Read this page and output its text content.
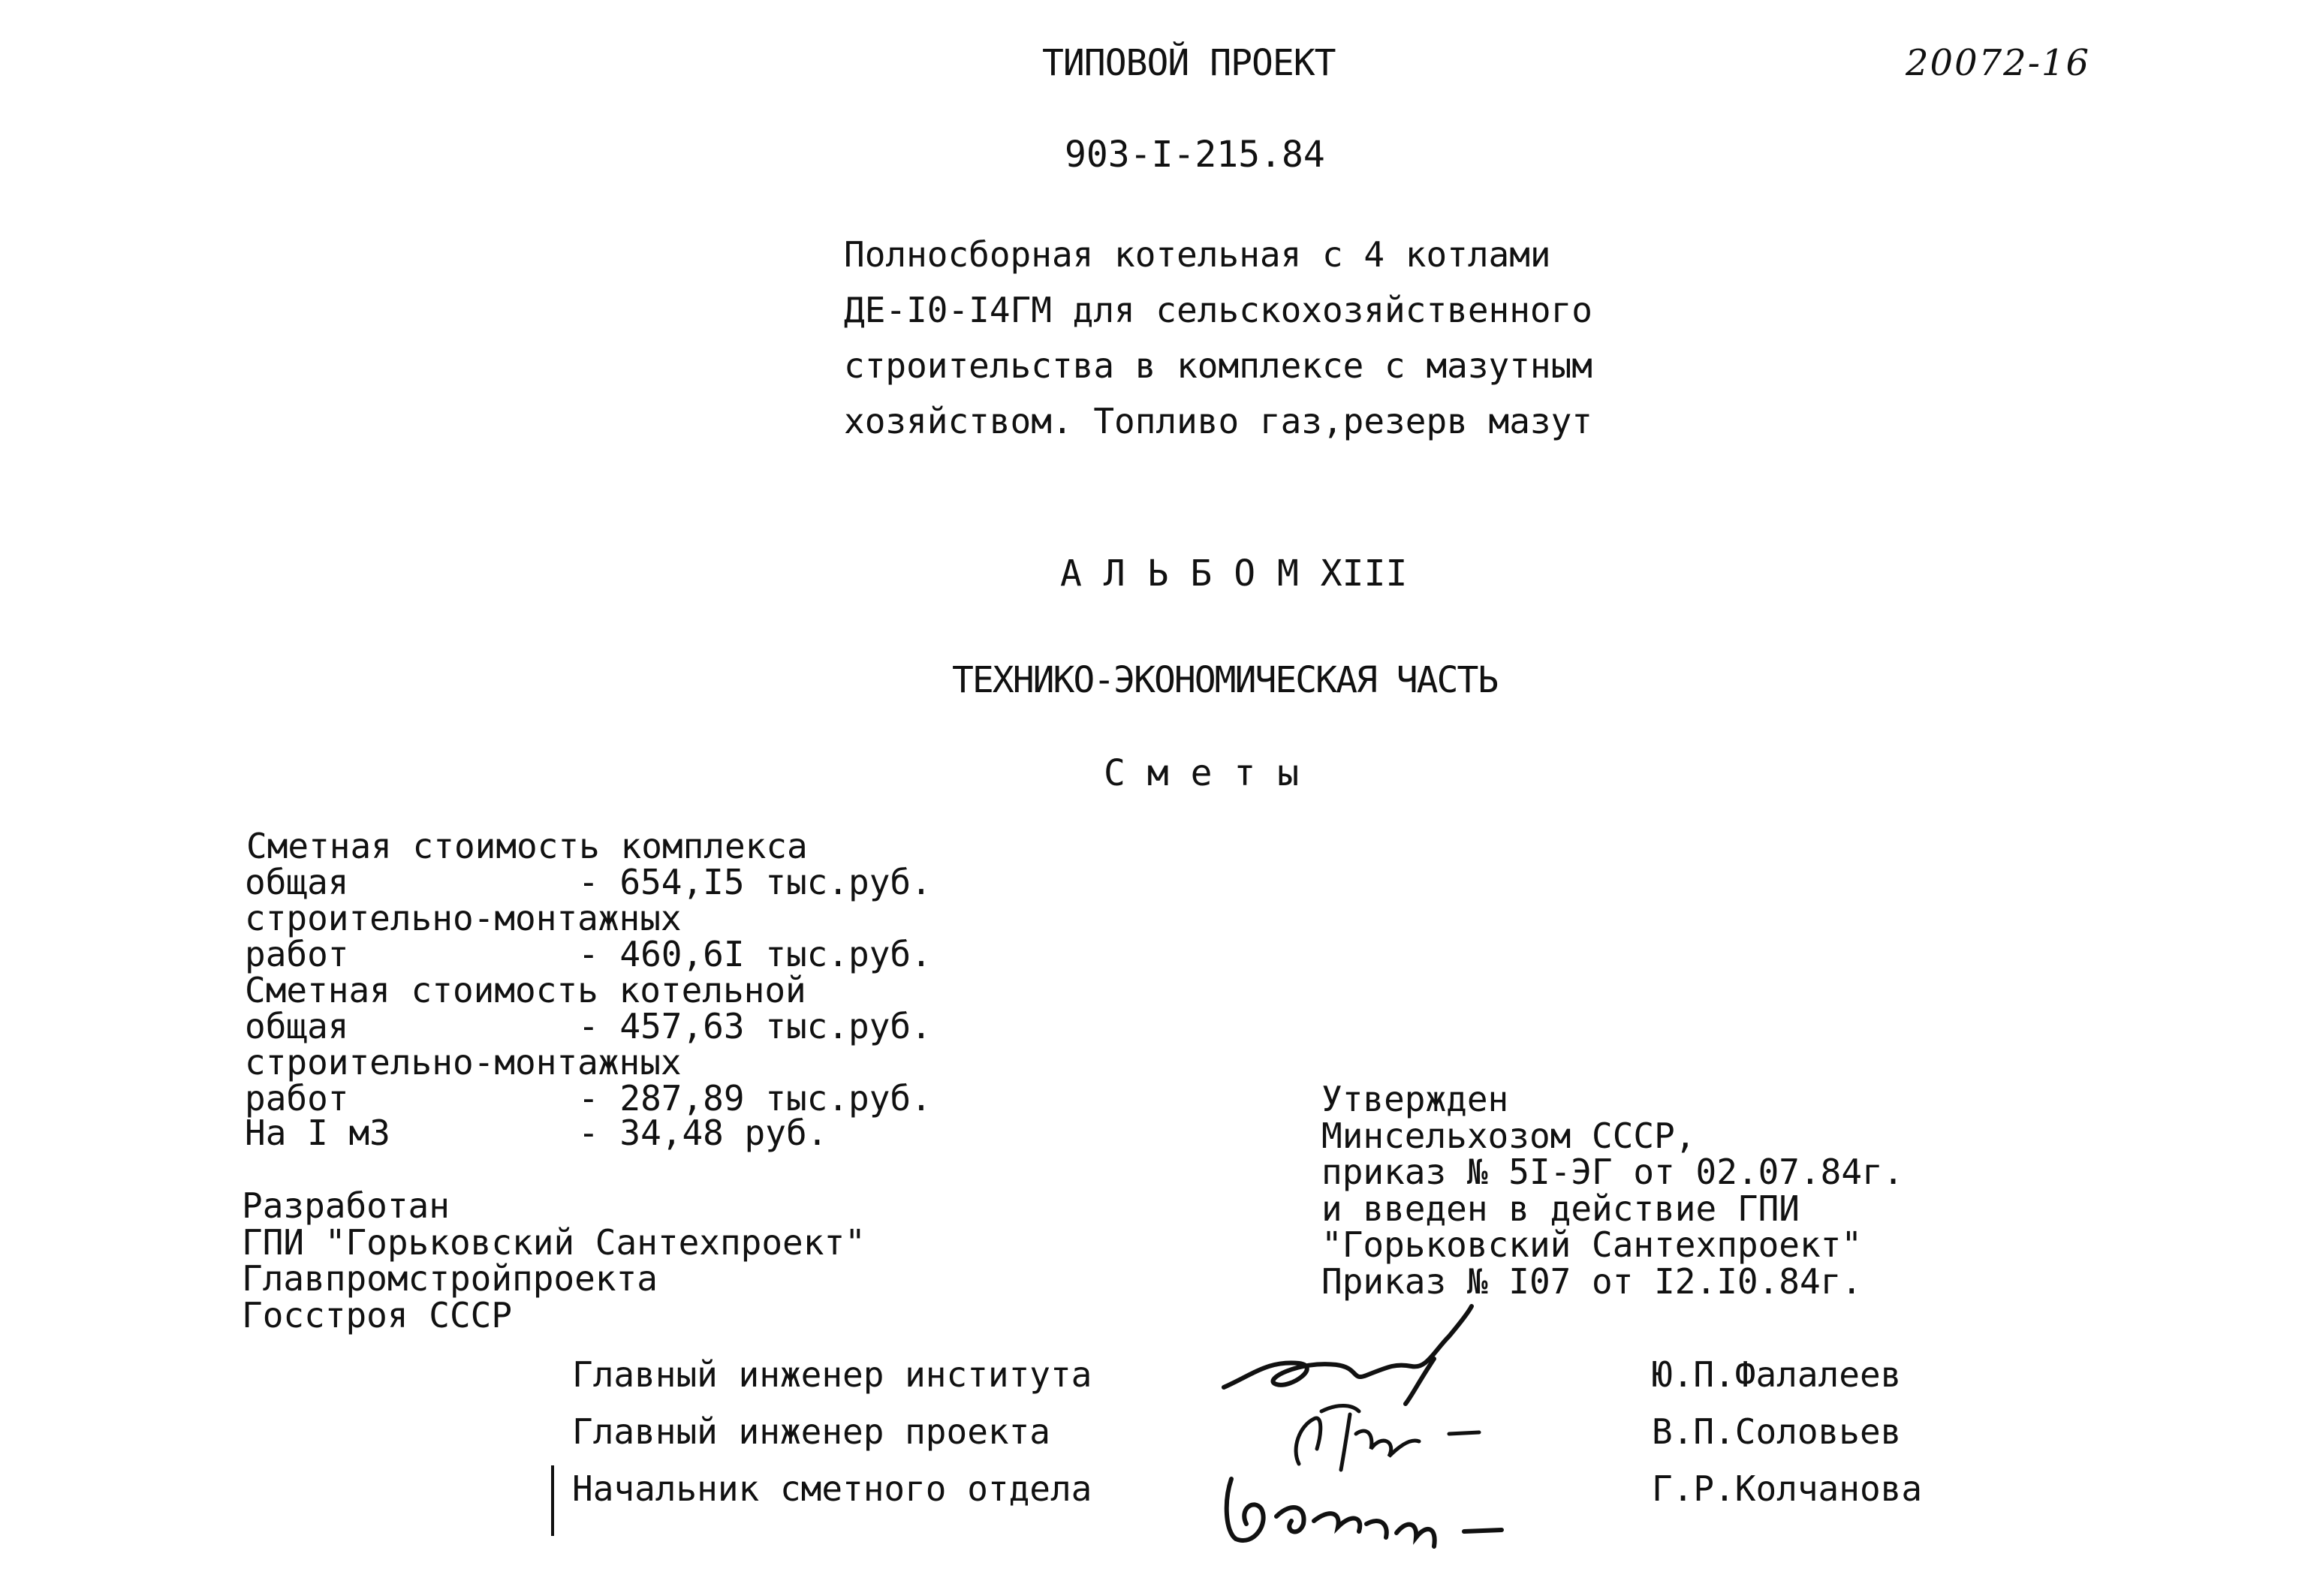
ТИПОВОЙ ПРОЕКТ	20072-16
903-I-215.84
Полносборная котельная с 4 котлами
ДЕ-I0-I4ГМ для сельскохозяйственного
строительства в комплексе с мазутным
хозяйством. Топливо газ,резерв мазут
А Л Ь Б О М XIII
ТЕХНИКО-ЭКОНОМИЧЕСКАЯ ЧАСТЬ
С м е т ы
Сметная стоимость комплекса
общая	- 654,I5 тыс.руб.
строительно-монтажных
работ	- 460,6I тыс.руб.
Сметная стоимость котельной
общая	- 457,63 тыс.руб.
строительно-монтажных
работ	- 287,89 тыс.руб.
На I м3	- 34,48 руб.
Разработан
ГПИ "Горьковский Сантехпроект"
Главпромстройпроекта
Госстроя СССР
Утвержден
Минсельхозом СССР,
приказ № 5I-ЭГ от 02.07.84г.
и введен в действие ГПИ
"Горьковский Сантехпроект"
Приказ № I07 от I2.I0.84г.
Главный инженер института	Ю.П.Фалалеев
Главный инженер проекта	В.П.Соловьев
Начальник сметного отдела	Г.Р.Колчанова
